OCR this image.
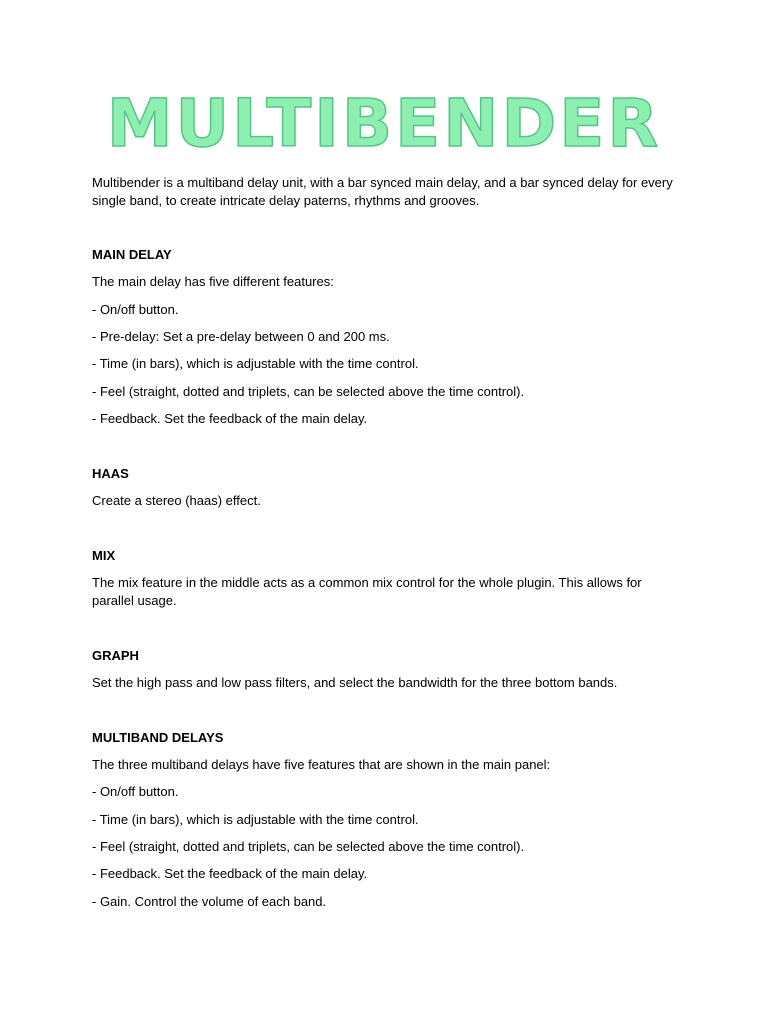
MULTIBENDER
Multibender is a multiband delay unit, with a bar synced main delay, and a bar synced delay for every
single band, to create intricate delay paterns, rhythms and grooves.
MAIN DELAY
The main delay has five different features:
- On/off button.
- Pre-delay: Set a pre-delay between 0 and 200 ms.
- Time (in bars), which is adjustable with the time control.
- Feel (straight, dotted and triplets, can be selected above the time control).
- Feedback. Set the feedback of the main delay.
HAAS
Create a stereo (haas) effect.
MIX
The mix feature in the middle acts as a common mix control for the whole plugin. This allows for
parallel usage.
GRAPH
Set the high pass and low pass filters, and select the bandwidth for the three bottom bands.
MULTIBAND DELAYS
The three multiband delays have five features that are shown in the main panel:
- On/off button.
- Time (in bars), which is adjustable with the time control.
- Feel (straight, dotted and triplets, can be selected above the time control).
- Feedback. Set the feedback of the main delay.
- Gain. Control the volume of each band.
